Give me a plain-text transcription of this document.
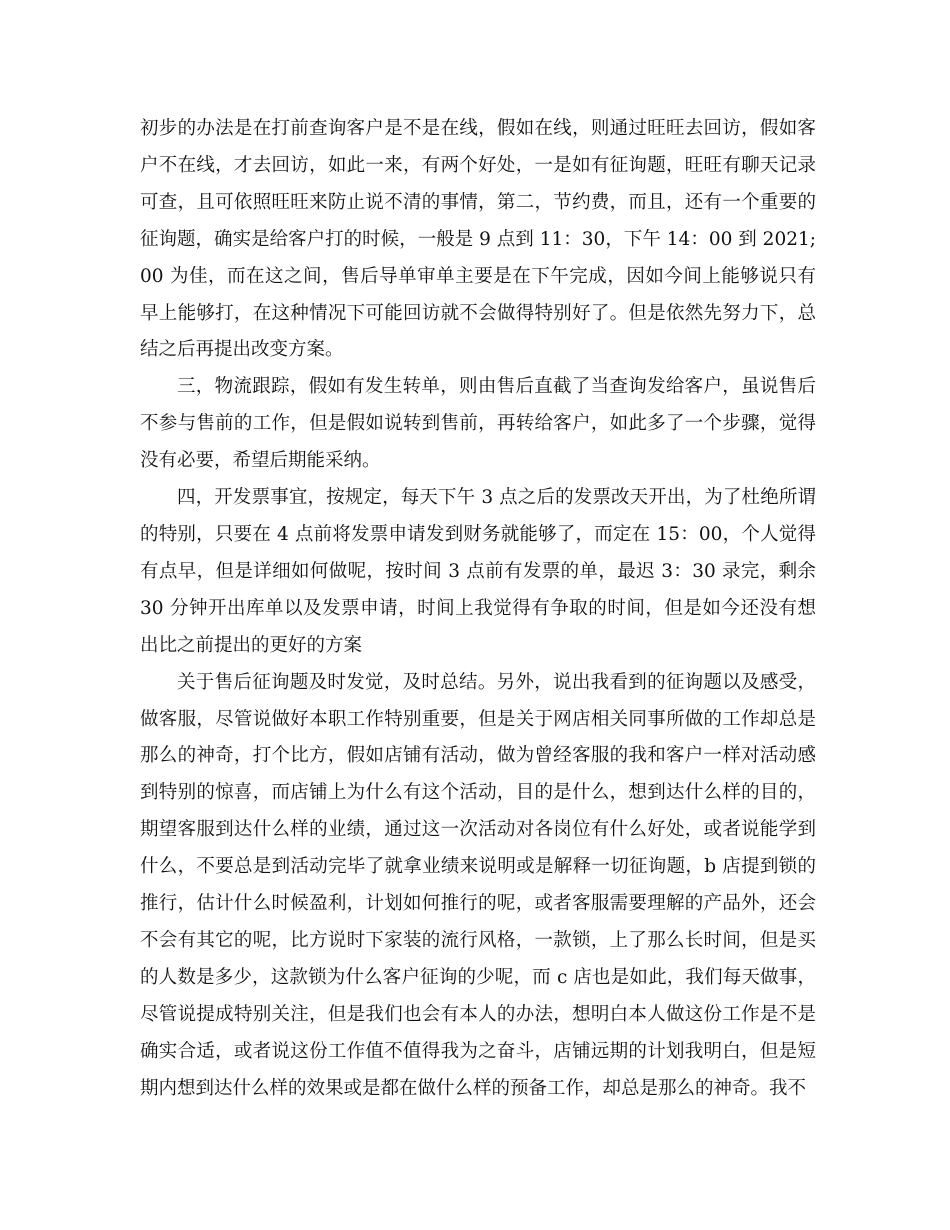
初步的办法是在打前查询客户是不是在线，假如在线，则通过旺旺去回访，假如客户不在线，才去回访，如此一来，有两个好处，一是如有征询题，旺旺有聊天记录可查，且可依照旺旺来防止说不清的事情，第二，节约费，而且，还有一个重要的征询题，确实是给客户打的时候，一般是 9 点到 11：30，下午 14：00 到 2021;00 为佳，而在这之间，售后导单审单主要是在下午完成，因如今间上能够说只有早上能够打，在这种情况下可能回访就不会做得特别好了。但是依然先努力下，总结之后再提出改变方案。

三，物流跟踪，假如有发生转单，则由售后直截了当查询发给客户，虽说售后不参与售前的工作，但是假如说转到售前，再转给客户，如此多了一个步骤，觉得没有必要，希望后期能采纳。

四，开发票事宜，按规定，每天下午 3 点之后的发票改天开出，为了杜绝所谓的特别，只要在 4 点前将发票申请发到财务就能够了，而定在 15：00，个人觉得有点早，但是详细如何做呢，按时间 3 点前有发票的单，最迟 3：30 录完，剩余 30 分钟开出库单以及发票申请，时间上我觉得有争取的时间，但是如今还没有想出比之前提出的更好的方案

关于售后征询题及时发觉，及时总结。另外，说出我看到的征询题以及感受，做客服，尽管说做好本职工作特别重要，但是关于网店相关同事所做的工作却总是那么的神奇，打个比方，假如店铺有活动，做为曾经客服的我和客户一样对活动感到特别的惊喜，而店铺上为什么有这个活动，目的是什么，想到达什么样的目的，期望客服到达什么样的业绩，通过这一次活动对各岗位有什么好处，或者说能学到什么，不要总是到活动完毕了就拿业绩来说明或是解释一切征询题，b 店提到锁的推行，估计什么时候盈利，计划如何推行的呢，或者客服需要理解的产品外，还会不会有其它的呢，比方说时下家装的流行风格，一款锁，上了那么长时间，但是买的人数是多少，这款锁为什么客户征询的少呢，而 c 店也是如此，我们每天做事，尽管说提成特别关注，但是我们也会有本人的办法，想明白本人做这份工作是不是确实合适，或者说这份工作值不值得我为之奋斗，店铺远期的计划我明白，但是短期内想到达什么样的效果或是都在做什么样的预备工作，却总是那么的神奇。我不
